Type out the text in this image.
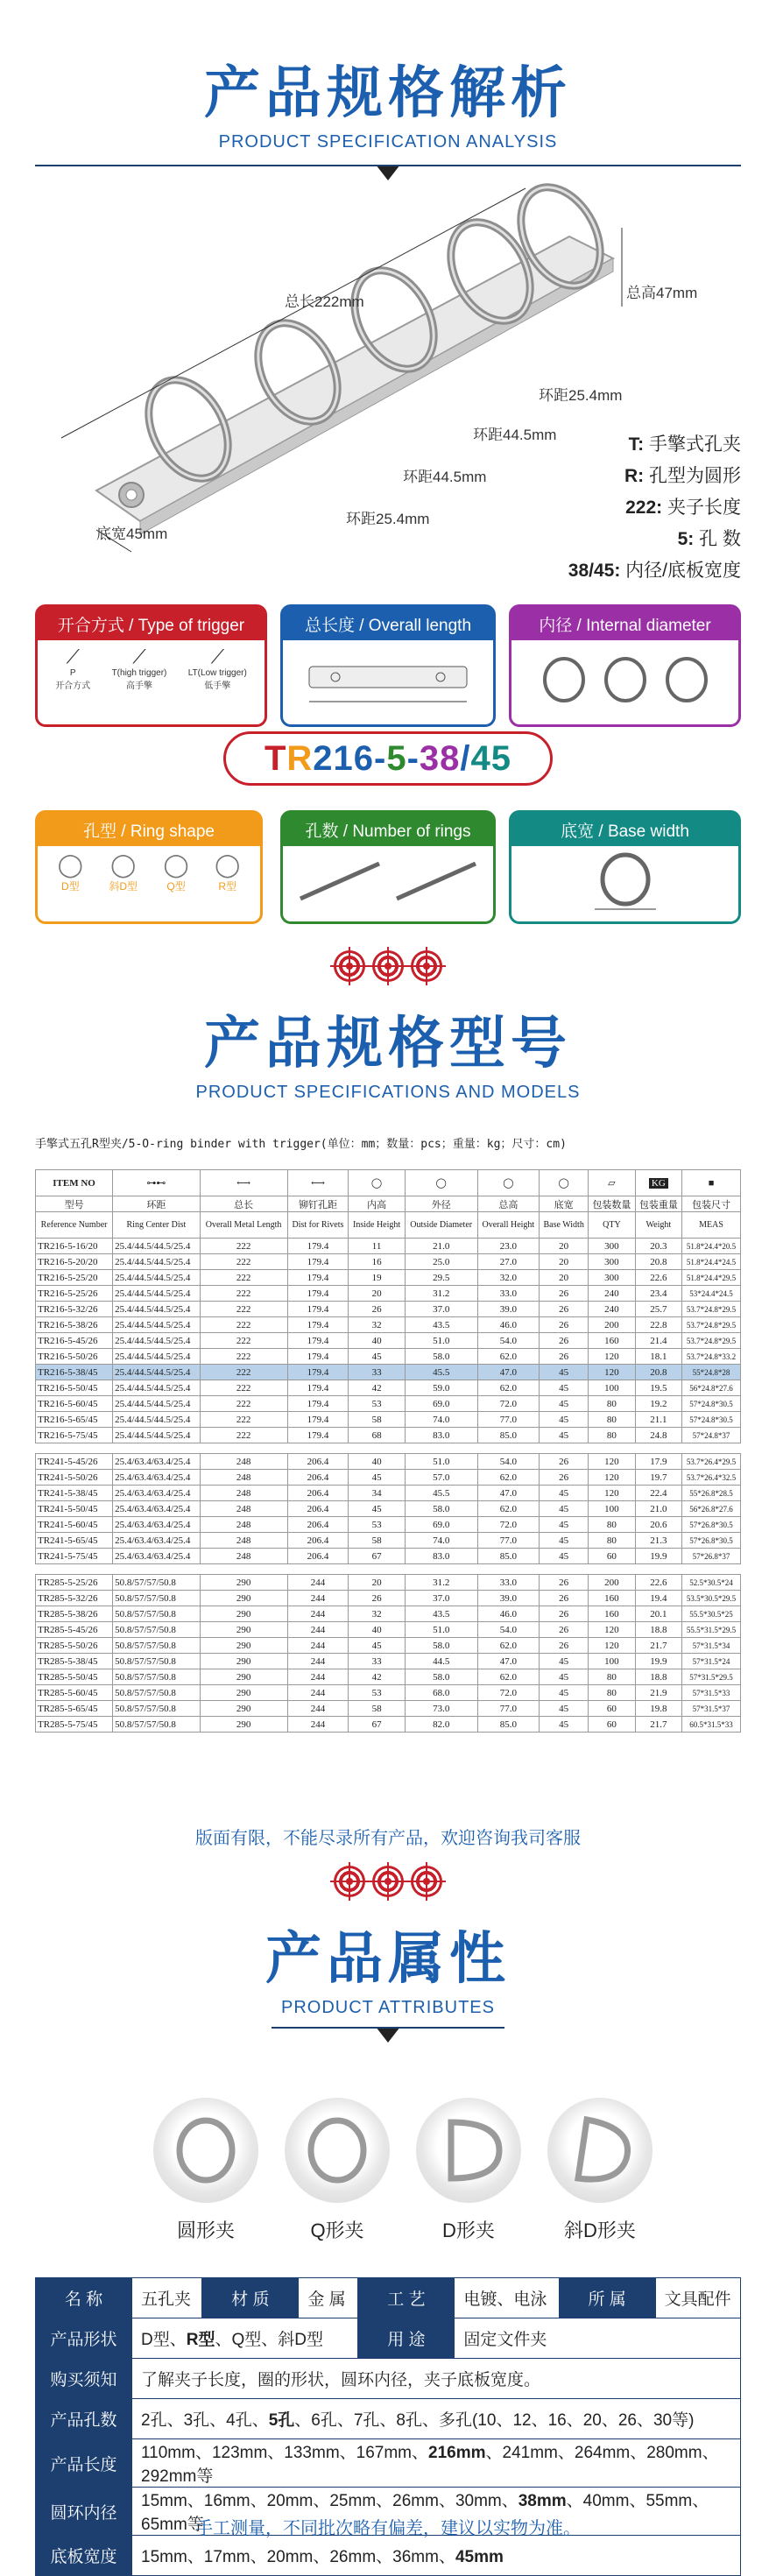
产品规格解析
PRODUCT SPECIFICATION ANALYSIS
总长222mm
总高47mm
环距25.4mm
环距44.5mm
环距44.5mm
环距25.4mm
底宽45mm
T: 手擎式孔夹
R: 孔型为圆形
222: 夹子长度
5: 孔 数
38/45: 内径/底板宽度
开合方式 / Type of trigger
⟋
P
开合方式
⟋
T(high trigger)
高手擎
⟋
LT(Low trigger)
低手擎
总长度 / Overall length	内径 / Internal diameter
T R 216 - 5 - 38 / 45
孔型 / Ring shape
◯
D型
◯
斜D型
◯
Q型
◯
R型
孔数 / Number of rings	底宽 / Base width
产品规格型号
PRODUCT SPECIFICATIONS AND MODELS
手擎式五孔R型夹/5-O-ring binder with trigger(单位：mm；数量：pcs；重量：kg；尺寸：cm)
ITEM NO	⊶⊷	⟷	⟷	◯	◯	◯	◯	▱	KG	■
型号	环距	总长	铆钉孔距	内高	外径	总高	底宽	包装数量	包装重量	包装尺寸
Reference Number	Ring Center Dist	Overall Metal Length	Dist for Rivets	Inside Height	Outside Diameter	Overall Height	Base Width	QTY	Weight	MEAS
TR216-5-16/20	25.4/44.5/44.5/25.4	222	179.4	11	21.0	23.0	20	300	20.3	51.8*24.4*20.5
TR216-5-20/20	25.4/44.5/44.5/25.4	222	179.4	16	25.0	27.0	20	300	20.8	51.8*24.4*24.5
TR216-5-25/20	25.4/44.5/44.5/25.4	222	179.4	19	29.5	32.0	20	300	22.6	51.8*24.4*29.5
TR216-5-25/26	25.4/44.5/44.5/25.4	222	179.4	20	31.2	33.0	26	240	23.4	53*24.4*24.5
TR216-5-32/26	25.4/44.5/44.5/25.4	222	179.4	26	37.0	39.0	26	240	25.7	53.7*24.8*29.5
TR216-5-38/26	25.4/44.5/44.5/25.4	222	179.4	32	43.5	46.0	26	200	22.8	53.7*24.8*29.5
TR216-5-45/26	25.4/44.5/44.5/25.4	222	179.4	40	51.0	54.0	26	160	21.4	53.7*24.8*29.5
TR216-5-50/26	25.4/44.5/44.5/25.4	222	179.4	45	58.0	62.0	26	120	18.1	53.7*24.8*33.2
TR216-5-38/45	25.4/44.5/44.5/25.4	222	179.4	33	45.5	47.0	45	120	20.8	55*24.8*28
TR216-5-50/45	25.4/44.5/44.5/25.4	222	179.4	42	59.0	62.0	45	100	19.5	56*24.8*27.6
TR216-5-60/45	25.4/44.5/44.5/25.4	222	179.4	53	69.0	72.0	45	80	19.2	57*24.8*30.5
TR216-5-65/45	25.4/44.5/44.5/25.4	222	179.4	58	74.0	77.0	45	80	21.1	57*24.8*30.5
TR216-5-75/45	25.4/44.5/44.5/25.4	222	179.4	68	83.0	85.0	45	80	24.8	57*24.8*37

TR241-5-45/26	25.4/63.4/63.4/25.4	248	206.4	40	51.0	54.0	26	120	17.9	53.7*26.4*29.5
TR241-5-50/26	25.4/63.4/63.4/25.4	248	206.4	45	57.0	62.0	26	120	19.7	53.7*26.4*32.5
TR241-5-38/45	25.4/63.4/63.4/25.4	248	206.4	34	45.5	47.0	45	120	22.4	55*26.8*28.5
TR241-5-50/45	25.4/63.4/63.4/25.4	248	206.4	45	58.0	62.0	45	100	21.0	56*26.8*27.6
TR241-5-60/45	25.4/63.4/63.4/25.4	248	206.4	53	69.0	72.0	45	80	20.6	57*26.8*30.5
TR241-5-65/45	25.4/63.4/63.4/25.4	248	206.4	58	74.0	77.0	45	80	21.3	57*26.8*30.5
TR241-5-75/45	25.4/63.4/63.4/25.4	248	206.4	67	83.0	85.0	45	60	19.9	57*26.8*37

TR285-5-25/26	50.8/57/57/50.8	290	244	20	31.2	33.0	26	200	22.6	52.5*30.5*24
TR285-5-32/26	50.8/57/57/50.8	290	244	26	37.0	39.0	26	160	19.4	53.5*30.5*29.5
TR285-5-38/26	50.8/57/57/50.8	290	244	32	43.5	46.0	26	160	20.1	55.5*30.5*25
TR285-5-45/26	50.8/57/57/50.8	290	244	40	51.0	54.0	26	120	18.8	55.5*31.5*29.5
TR285-5-50/26	50.8/57/57/50.8	290	244	45	58.0	62.0	26	120	21.7	57*31.5*34
TR285-5-38/45	50.8/57/57/50.8	290	244	33	44.5	47.0	45	100	19.9	57*31.5*24
TR285-5-50/45	50.8/57/57/50.8	290	244	42	58.0	62.0	45	80	18.8	57*31.5*29.5
TR285-5-60/45	50.8/57/57/50.8	290	244	53	68.0	72.0	45	80	21.9	57*31.5*33
TR285-5-65/45	50.8/57/57/50.8	290	244	58	73.0	77.0	45	60	19.8	57*31.5*37
TR285-5-75/45	50.8/57/57/50.8	290	244	67	82.0	85.0	45	60	21.7	60.5*31.5*33
版面有限，不能尽录所有产品，欢迎咨询我司客服
产品属性
PRODUCT ATTRIBUTES
圆形夹	Q形夹	D形夹	斜D形夹
名 称	五孔夹	材 质	金 属	工 艺	电镀、电泳	所 属	文具配件
产品形状	D型、R型、Q型、斜D型			用 途	固定文件夹		
购买须知	了解夹子长度，圈的形状，圆环内径，夹子底板宽度。						
产品孔数	2孔、3孔、4孔、5孔、6孔、7孔、8孔、多孔(10、12、16、20、26、30等)						
产品长度	110mm、123mm、133mm、167mm、216mm、241mm、264mm、280mm、292mm等						
圆环内径	15mm、16mm、20mm、25mm、26mm、30mm、38mm、40mm、55mm、65mm等						
底板宽度	15mm、17mm、20mm、26mm、36mm、45mm						
手工测量，不同批次略有偏差，建议以实物为准。
